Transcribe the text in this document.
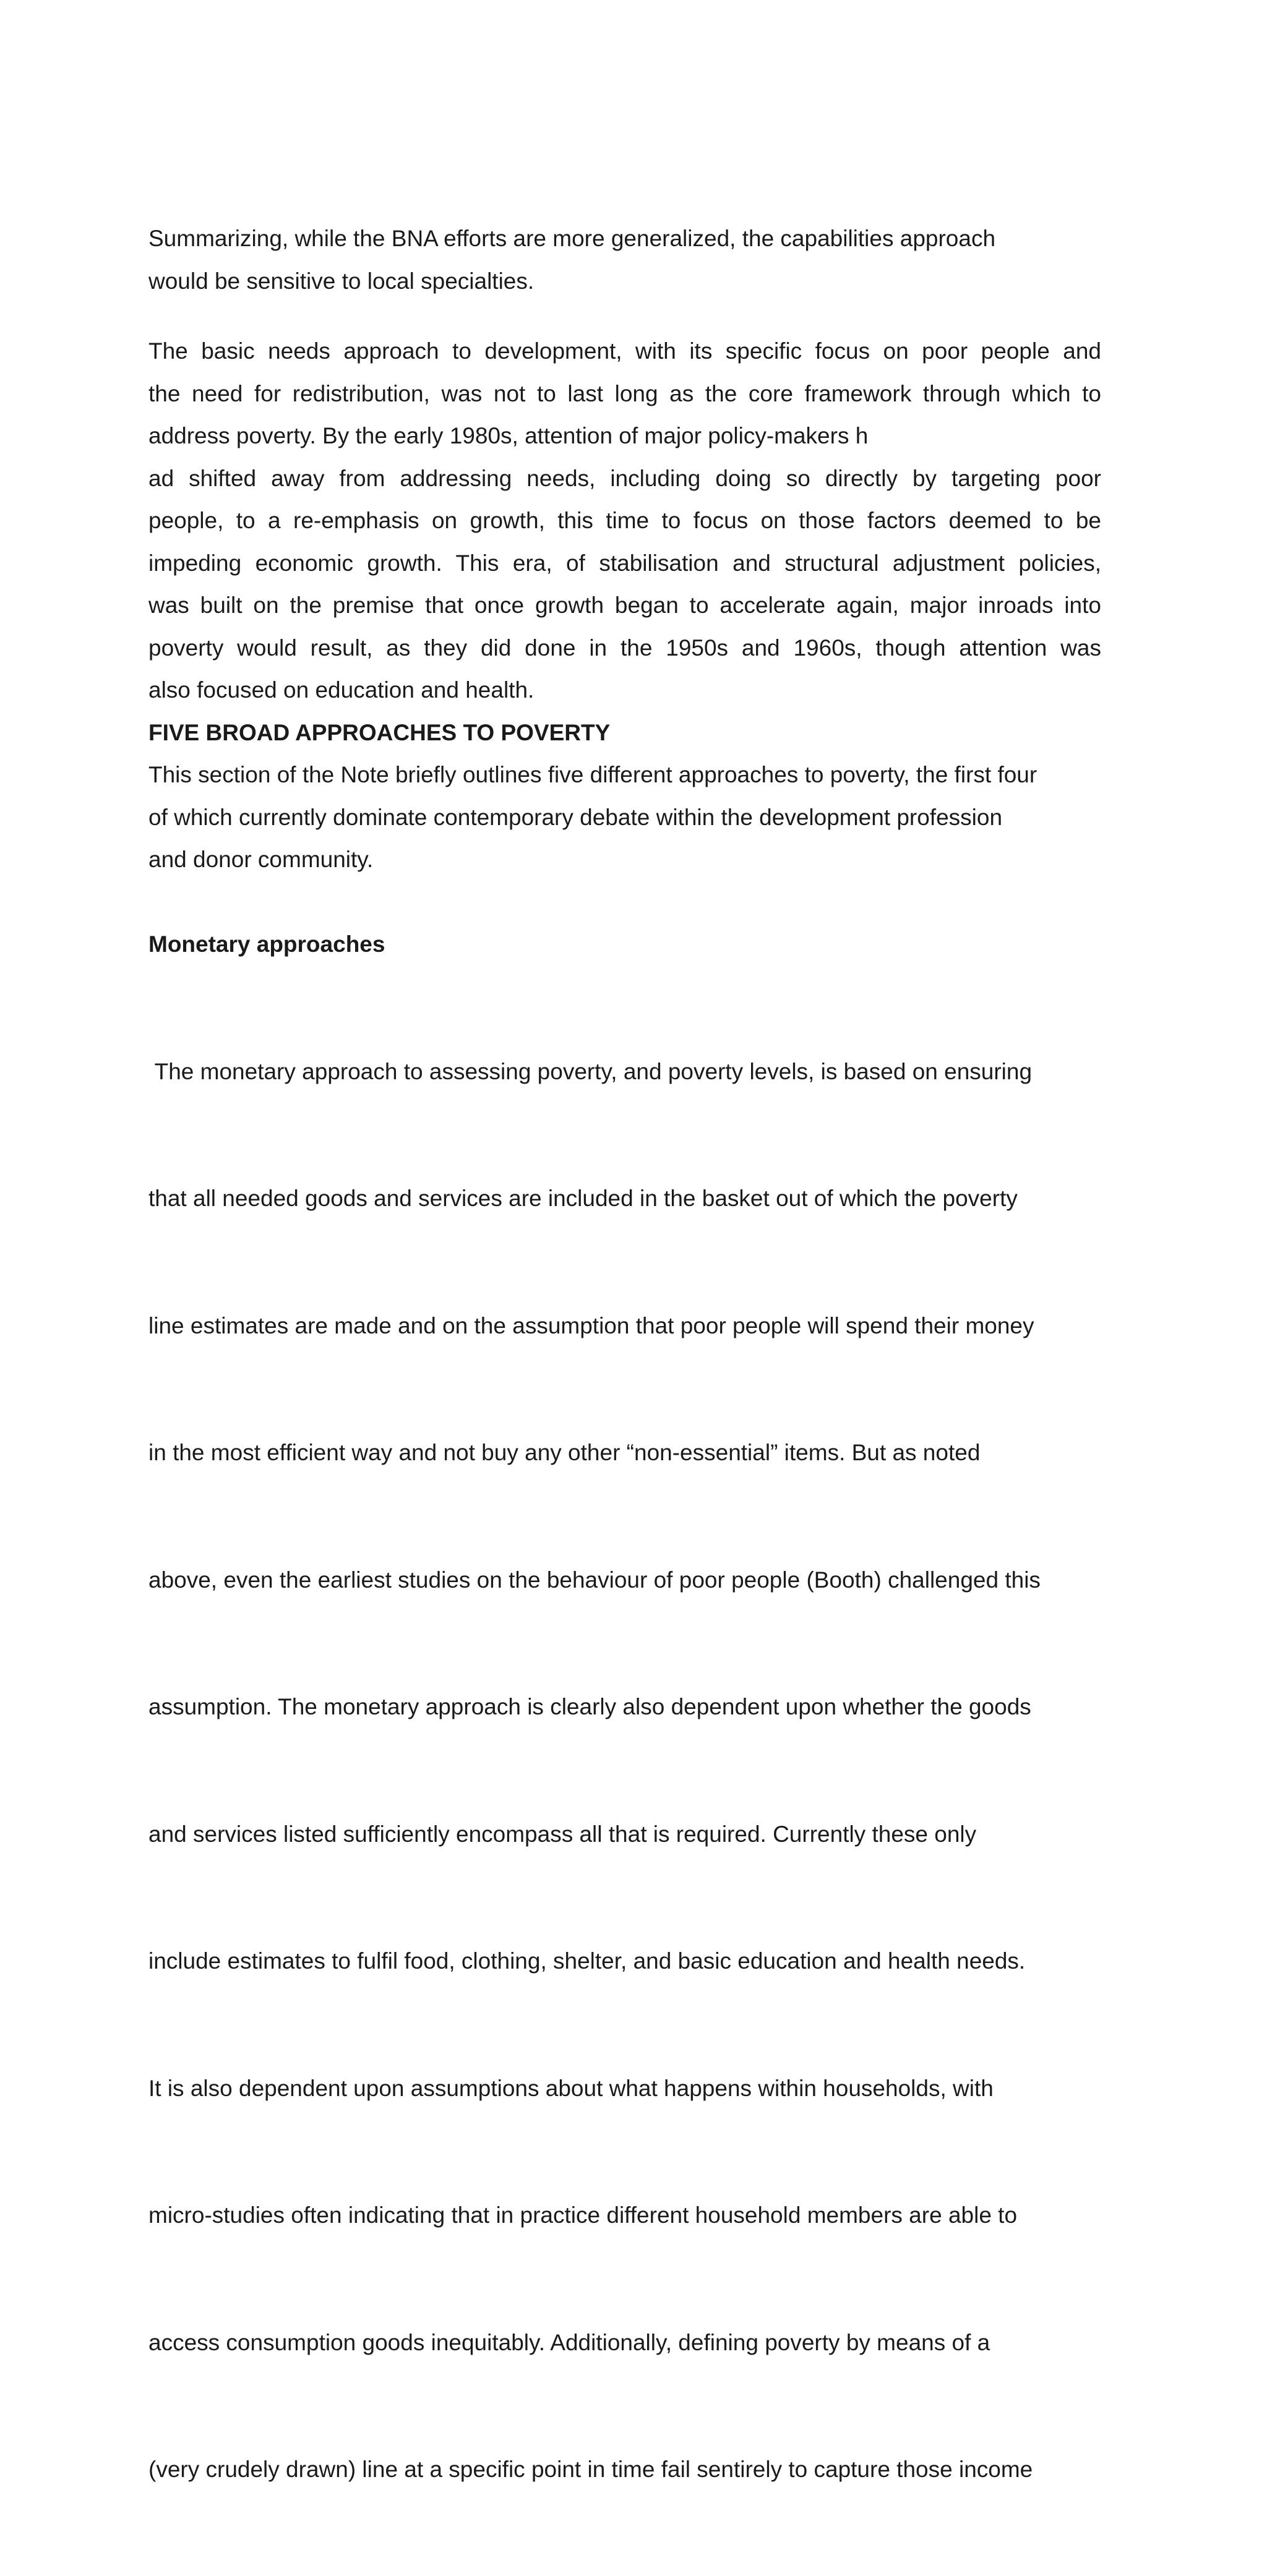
Summarizing, while the BNA efforts are more generalized, the capabilities approach
would be sensitive to local specialties.
The basic needs approach to development, with its specific focus on poor people and
the need for redistribution, was not to last long as the core framework through which to
address poverty. By the early 1980s, attention of major policy-makers h
ad shifted away from addressing needs, including doing so directly by targeting poor
people, to a re-emphasis on growth, this time to focus on those factors deemed to be
impeding economic growth. This era, of stabilisation and structural adjustment policies,
was built on the premise that once growth began to accelerate again, major inroads into
poverty would result, as they did done in the 1950s and 1960s, though attention was
also focused on education and health.
FIVE BROAD APPROACHES TO POVERTY
This section of the Note briefly outlines five different approaches to poverty, the first four
of which currently dominate contemporary debate within the development profession
and donor community.
Monetary approaches

The monetary approach to assessing poverty, and poverty levels, is based on ensuring

that all needed goods and services are included in the basket out of which the poverty

line estimates are made and on the assumption that poor people will spend their money

in the most efficient way and not buy any other “non-essential” items. But as noted

above, even the earliest studies on the behaviour of poor people (Booth) challenged this

assumption. The monetary approach is clearly also dependent upon whether the goods

and services listed sufficiently encompass all that is required. Currently these only

include estimates to fulfil food, clothing, shelter, and basic education and health needs.

It is also dependent upon assumptions about what happens within households, with

micro-studies often indicating that in practice different household members are able to

access consumption goods inequitably. Additionally, defining poverty by means of a

(very crudely drawn) line at a specific point in time fail sentirely to capture those income
